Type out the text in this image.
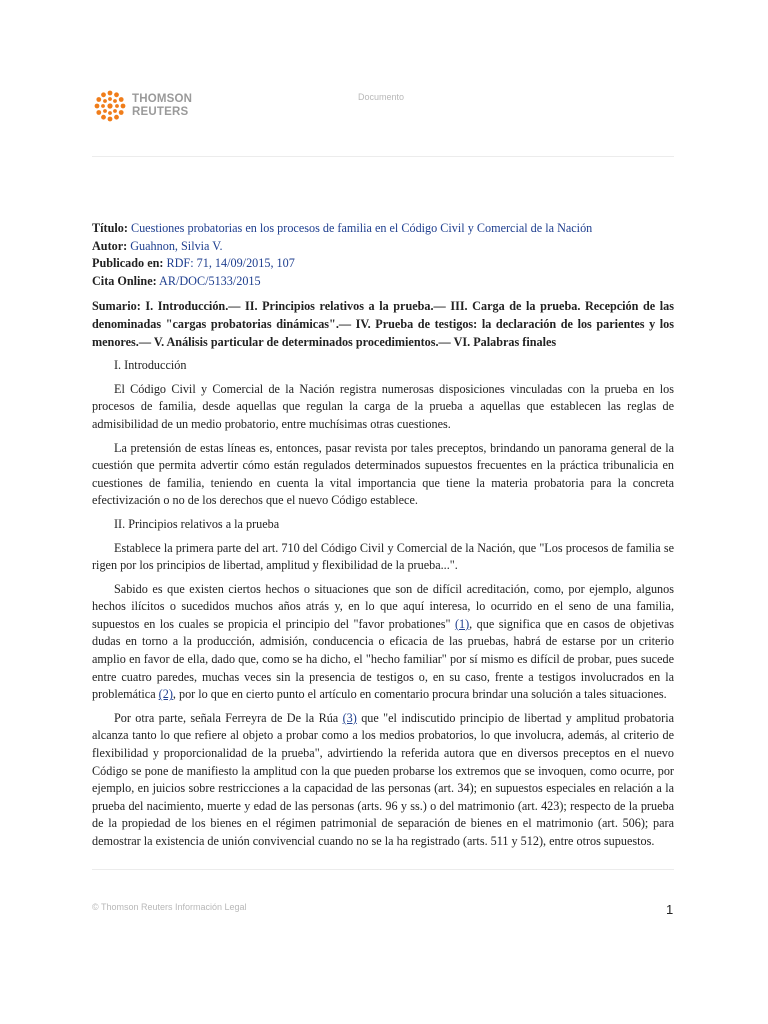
THOMSON
REUTERS
Documento

Título: Cuestiones probatorias en los procesos de familia en el Código Civil y Comercial de la Nación

Autor: Guahnon, Silvia V.

Publicado en: RDF: 71, 14/09/2015, 107

Cita Online: AR/DOC/5133/2015

Sumario: I. Introducción.— II. Principios relativos a la prueba.— III. Carga de la prueba. Recepción de las denominadas "cargas probatorias dinámicas".— IV. Prueba de testigos: la declaración de los parientes y los menores.— V. Análisis particular de determinados procedimientos.— VI. Palabras finales

I. Introducción

El Código Civil y Comercial de la Nación registra numerosas disposiciones vinculadas con la prueba en los procesos de familia, desde aquellas que regulan la carga de la prueba a aquellas que establecen las reglas de admisibilidad de un medio probatorio, entre muchísimas otras cuestiones.

La pretensión de estas líneas es, entonces, pasar revista por tales preceptos, brindando un panorama general de la cuestión que permita advertir cómo están regulados determinados supuestos frecuentes en la práctica tribunalicia en cuestiones de familia, teniendo en cuenta la vital importancia que tiene la materia probatoria para la concreta efectivización o no de los derechos que el nuevo Código establece.

II. Principios relativos a la prueba

Establece la primera parte del art. 710 del Código Civil y Comercial de la Nación, que "Los procesos de familia se rigen por los principios de libertad, amplitud y flexibilidad de la prueba...".

Sabido es que existen ciertos hechos o situaciones que son de difícil acreditación, como, por ejemplo, algunos hechos ilícitos o sucedidos muchos años atrás y, en lo que aquí interesa, lo ocurrido en el seno de una familia, supuestos en los cuales se propicia el principio del "favor probationes" (1), que significa que en casos de objetivas dudas en torno a la producción, admisión, conducencia o eficacia de las pruebas, habrá de estarse por un criterio amplio en favor de ella, dado que, como se ha dicho, el "hecho familiar" por sí mismo es difícil de probar, pues sucede entre cuatro paredes, muchas veces sin la presencia de testigos o, en su caso, frente a testigos involucrados en la problemática (2), por lo que en cierto punto el artículo en comentario procura brindar una solución a tales situaciones.

Por otra parte, señala Ferreyra de De la Rúa (3) que "el indiscutido principio de libertad y amplitud probatoria alcanza tanto lo que refiere al objeto a probar como a los medios probatorios, lo que involucra, además, al criterio de flexibilidad y proporcionalidad de la prueba", advirtiendo la referida autora que en diversos preceptos en el nuevo Código se pone de manifiesto la amplitud con la que pueden probarse los extremos que se invoquen, como ocurre, por ejemplo, en juicios sobre restricciones a la capacidad de las personas (art. 34); en supuestos especiales en relación a la prueba del nacimiento, muerte y edad de las personas (arts. 96 y ss.) o del matrimonio (art. 423); respecto de la prueba de la propiedad de los bienes en el régimen patrimonial de separación de bienes en el matrimonio (art. 506); para demostrar la existencia de unión convivencial cuando no se la ha registrado (arts. 511 y 512), entre otros supuestos.

© Thomson Reuters Información Legal	1
